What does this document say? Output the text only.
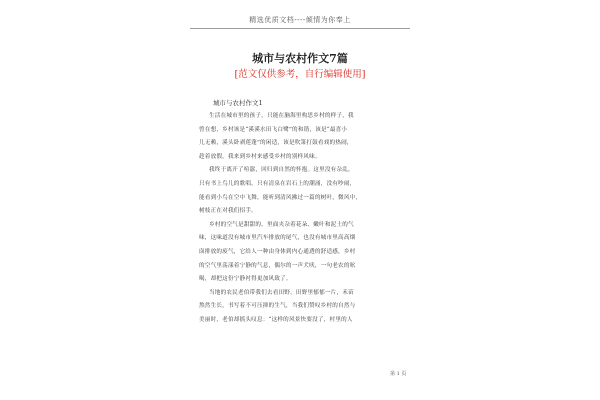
精选优质文档----倾情为你奉上
城市与农村作文7篇
[范文仅供参考，自行编辑使用]
城市与农村作文1
生活在城市里的孩子，只能在脑海里构思乡村的样子，我
曾在想，乡村该是“溪溪水田飞白鹭”的和谐，该是“最喜小
儿无赖，溪头卧剥莲蓬”的闲适，该是吹箫打鼓看戏的热闹，
趁着放假，我来到乡村来感受乡村的别样风味。
我终于离开了喧嚣，回归到自然的怀抱。这里没有杂乱，
只有书上鸟儿的歌唱，只有清泉在岩石上的潮涌，没有吵闹，
能看到小鸟在空中飞舞，能听到清风拂过一篇的树叶，微风中，
树枝正在对我们招手。
乡村的空气是甜甜的，里面夹杂着花朵、嫩叶和泥土的气
味，这味道没有城市里汽车排放的尾气，也没有城市里高高烟
囱排放的废气，它给人一种由身体到内心通透的舒适感，乡村
的空气里荡漾着宁静的气息，偶尔的一声犬吠，一句老农的吆
喝，却把这份宁静衬得更加风致了。
当地的农民老伯带我们去看田野，田野里郁郁一片，禾苗
熬然生长，书写着不可压抑的生气，当我们赞叹乡村的自然与
美丽时，老伯却摇头叹息：“这样的风景快要没了，村里的人
第 1 页
